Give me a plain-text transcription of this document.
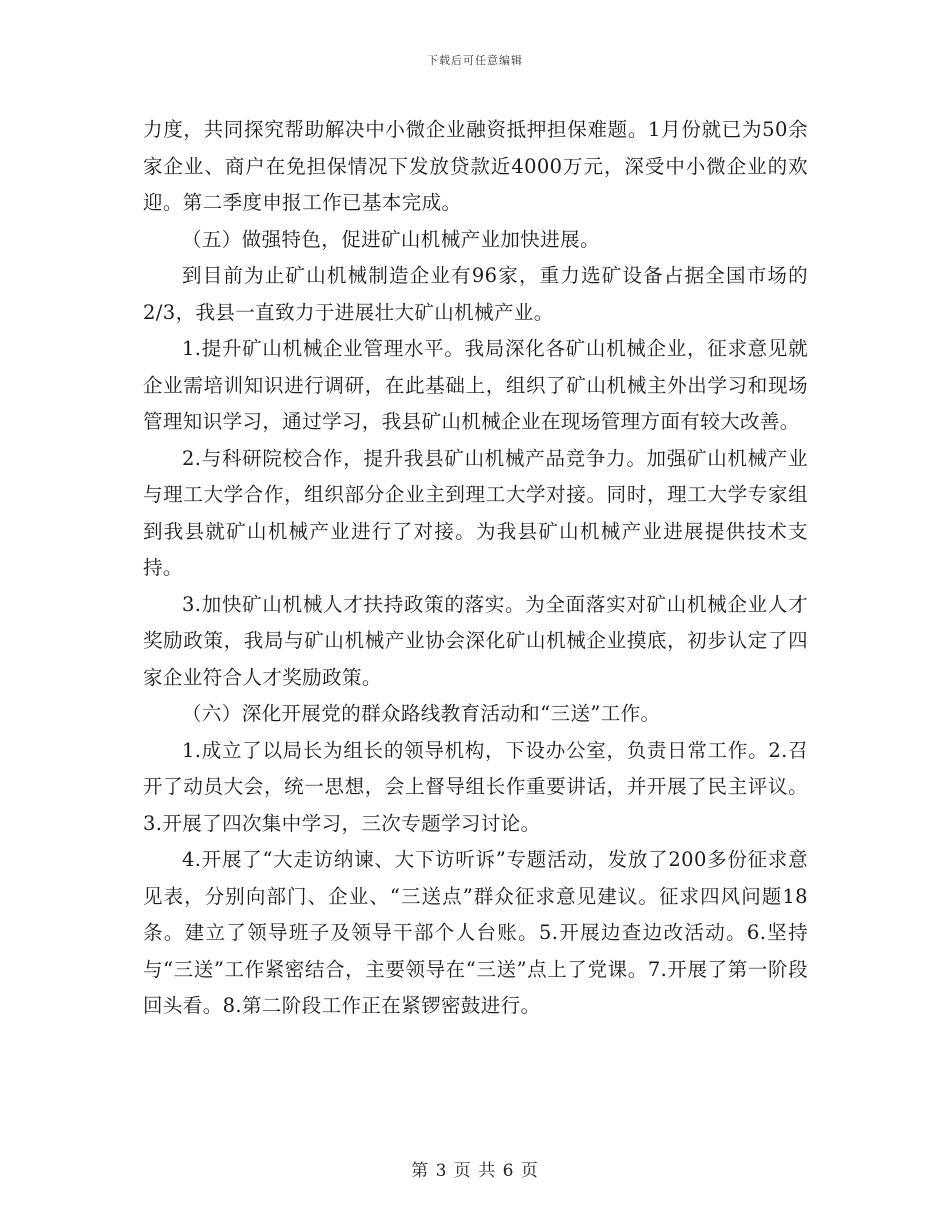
下载后可任意编辑

力度，共同探究帮助解决中小微企业融资抵押担保难题。1月份就已为50余家企业、商户在免担保情况下发放贷款近4000万元，深受中小微企业的欢迎。第二季度申报工作已基本完成。

（五）做强特色，促进矿山机械产业加快进展。

到目前为止矿山机械制造企业有96家，重力选矿设备占据全国市场的2/3，我县一直致力于进展壮大矿山机械产业。

1.提升矿山机械企业管理水平。我局深化各矿山机械企业，征求意见就企业需培训知识进行调研，在此基础上，组织了矿山机械主外出学习和现场管理知识学习，通过学习，我县矿山机械企业在现场管理方面有较大改善。

2.与科研院校合作，提升我县矿山机械产品竞争力。加强矿山机械产业与理工大学合作，组织部分企业主到理工大学对接。同时，理工大学专家组到我县就矿山机械产业进行了对接。为我县矿山机械产业进展提供技术支持。

3.加快矿山机械人才扶持政策的落实。为全面落实对矿山机械企业人才奖励政策，我局与矿山机械产业协会深化矿山机械企业摸底，初步认定了四家企业符合人才奖励政策。

（六）深化开展党的群众路线教育活动和“三送”工作。

1.成立了以局长为组长的领导机构，下设办公室，负责日常工作。2.召开了动员大会，统一思想，会上督导组长作重要讲话，并开展了民主评议。3.开展了四次集中学习，三次专题学习讨论。

4.开展了“大走访纳谏、大下访听诉”专题活动，发放了200多份征求意见表，分别向部门、企业、“三送点”群众征求意见建议。征求四风问题18条。建立了领导班子及领导干部个人台账。5.开展边查边改活动。6.坚持与“三送”工作紧密结合，主要领导在“三送”点上了党课。7.开展了第一阶段回头看。8.第二阶段工作正在紧锣密鼓进行。

第 3 页 共 6 页
